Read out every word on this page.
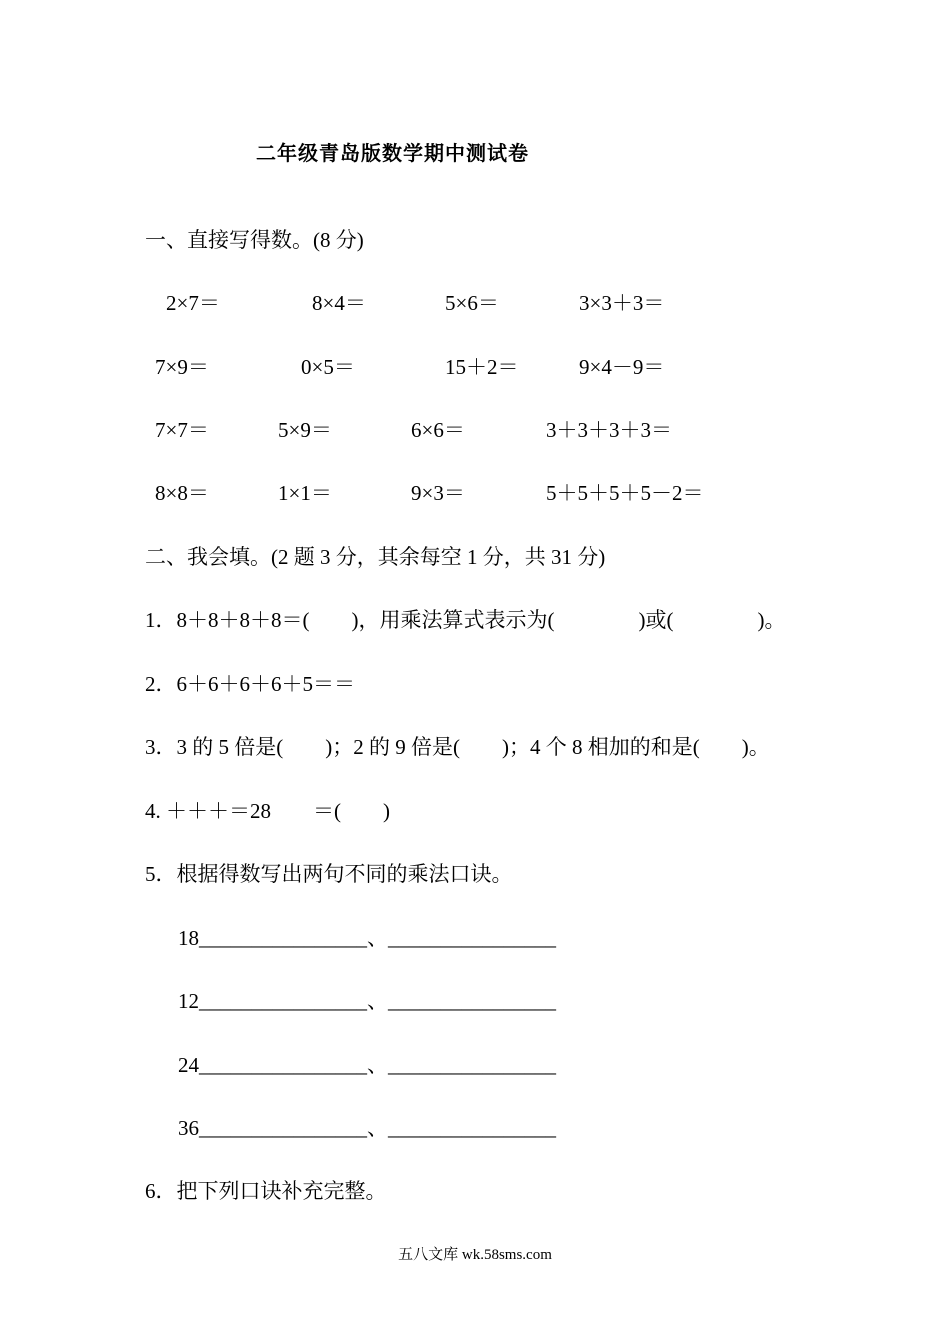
二年级青岛版数学期中测试卷
一、直接写得数。(8 分)
2×7＝	8×4＝	5×6＝	3×3＋3＝
7×9＝	0×5＝	15＋2＝	9×4－9＝
7×7＝	5×9＝	6×6＝	3＋3＋3＋3＝
8×8＝	1×1＝	9×3＝	5＋5＋5＋5－2＝
二、我会填。(2 题 3 分，其余每空 1 分，共 31 分)
1．8＋8＋8＋8＝(　　)，用乘法算式表示为(　　　　)或(　　　　)。
2．6＋6＋6＋6＋5＝＝
3．3 的 5 倍是(　　)；2 的 9 倍是(　　)；4 个 8 相加的和是(　　)。
4. ＋＋＋＝28　　＝(　　)
5．根据得数写出两句不同的乘法口诀。
18________________、________________
12________________、________________
24________________、________________
36________________、________________
6．把下列口诀补充完整。
五八文库 wk.58sms.com
